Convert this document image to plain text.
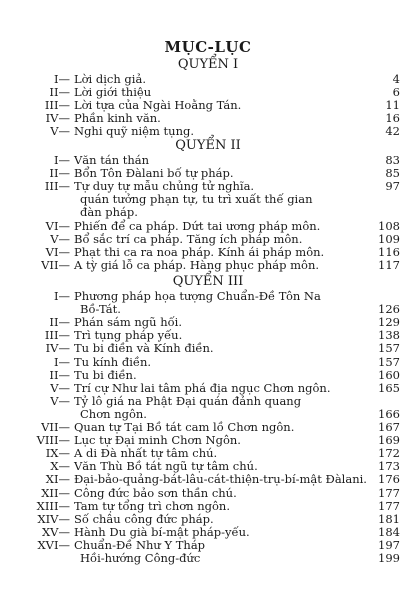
MỤC-LỤC
QUYỂN I
I— Lời dịch giả.	4
II— Lời giới thiệu	6
III— Lời tựa của Ngài Hoằng Tán.	11
IV— Phần kinh văn.	16
V— Nghi quỹ niệm tụng.	42
QUYỂN II
I— Văn tán thán	83
II— Bổn Tôn Đàlani bố tự pháp.	85
III— Tự duy tự mẫu chủng tử nghĩa.	97
quán tưởng phạn tự, tu trì xuất thế gian
đàn pháp.
VI— Phiến để ca pháp. Dứt tai ương pháp môn.	108
V— Bổ sắc trí ca pháp. Tăng ích pháp môn.	109
VI— Phạt thi ca ra noa pháp. Kính ái pháp môn.	116
VII— A tỳ giá lỗ ca pháp. Hàng phục pháp môn.	117
QUYỂN III
I— Phương pháp họa tượng Chuẩn-Đề Tôn Na
Bồ-Tát.	126
II— Phán sám ngũ hối.	129
III— Trì tụng pháp yếu.	138
IV— Tu bi điền và Kính điền.	157
I— Tu kính điền.	157
II— Tu bi điền.	160
V— Trí cự Như lai tâm phá địa ngục Chơn ngôn.	165
V— Tỷ lô giá na Phật Đại quán đảnh quang
Chơn ngôn.	166
VII— Quan tự Tại Bồ tát cam lồ Chơn ngôn.	167
VIII— Lục tự Đại minh Chơn Ngôn.	169
IX— A di Đà nhất tự tâm chú.	172
X— Văn Thù Bồ tát ngũ tự tâm chú.	173
XI— Đại-bảo-quảng-bát-lâu-cát-thiện-trụ-bí-mật Đàlani. 176
XII— Công đức bảo sơn thần chú.	177
XIII— Tam tự tổng trì chơn ngôn.	177
XIV— Số châu công đức pháp.	181
XV— Hành Du già bí-mật pháp-yếu.	184
XVI— Chuẩn-Đề Như Y Tháp	197
Hồi-hướng Công-đức	199
